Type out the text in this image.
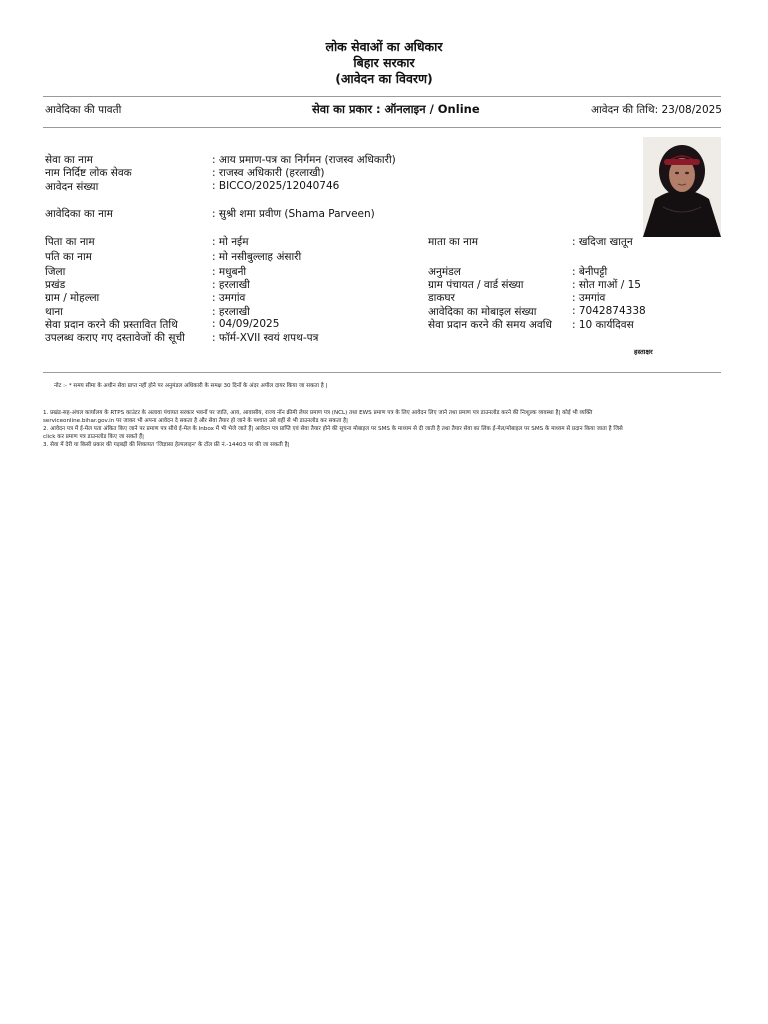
लोक सेवाओं का अधिकार
बिहार सरकार
(आवेदन का विवरण)
आवेदिका की पावती	सेवा का प्रकार : ऑनलाइन / Online	आवेदन की तिथि: 23/08/2025
सेवा का नाम	: आय प्रमाण-पत्र का निर्गमन (राजस्व अधिकारी)
नाम निर्दिष्ट लोक सेवक	: राजस्व अधिकारी (हरलाखी)
आवेदन संख्या	: BICCO/2025/12040746
आवेदिका का नाम	: सुश्री शमा प्रवीण (Shama Parveen)
पिता का नाम	: मो नईम	माता का नाम	: खदिजा खातून
पति का नाम	: मो नसीबुल्लाह अंसारी
जिला	: मधुबनी	अनुमंडल	: बेनीपट्टी
प्रखंड	: हरलाखी	ग्राम पंचायत / वार्ड संख्या	: सोत गाओं / 15
ग्राम / मोहल्ला	: उमगांव	डाकघर	: उमगांव
थाना	: हरलाखी	आवेदिका का मोबाइल संख्या	: 7042874338
सेवा प्रदान करने की प्रस्तावित तिथि	: 04/09/2025	सेवा प्रदान करने की समय अवधि : 10 कार्यदिवस
उपलब्ध कराए गए दस्तावेजों की सूची	: फॉर्म-XVII स्वयं शपथ-पत्र
हस्ताक्षर
नोट :- * समय सीमा के अधीन सेवा प्राप्त नहीं होने पर अनुमंडल अधिकारी के समक्ष 30 दिनों के अंदर अपील दायर किया जा सकता है |
1. प्रखंड-सह-अंचल कार्यालय के RTPS काउंटर के अलावा पंचायत सरकार भवनों पर जाति, आय, आवासीय, राज्य नॉन क्रीमी लेयर प्रमाण पत्र (NCL) तथा EWS प्रमाण पत्र के लिए आवेदन लिए जाने तथा प्रमाण पत्र डाउनलोड करने की निःशुल्क व्यवस्था है| कोई भी व्यक्ति
serviceonline.bihar.gov.in पर जाकर भी अपना आवेदन दे सकता है और सेवा तैयार हो जाने के पश्चात उसे वहीं से भी डाउनलोड कर सकता है|
2. आवेदन पत्र में ई-मेल पता अंकित किए जाने पर प्रमाण पत्र सीधे ई-मेल के Inbox में भी भेजे जाते हैं| आवेदन पत्र प्राप्ति एवं सेवा तैयार होने की सूचना मोबाइल पर SMS के माध्यम से दी जाती है तथा तैयार सेवा का लिंक ई-मेल/मोबाइल पर SMS के माध्यम से प्रदान किया जाता है जिसे
click कर प्रमाण पत्र डाउनलोड किए जा सकते हैं|
3. सेवा में देरी या किसी प्रकार की गड़बड़ी की शिकायत 'जिज्ञासा हेल्पलाइन' के टॉल फ्री नं.-14403 पर की जा सकती है|
